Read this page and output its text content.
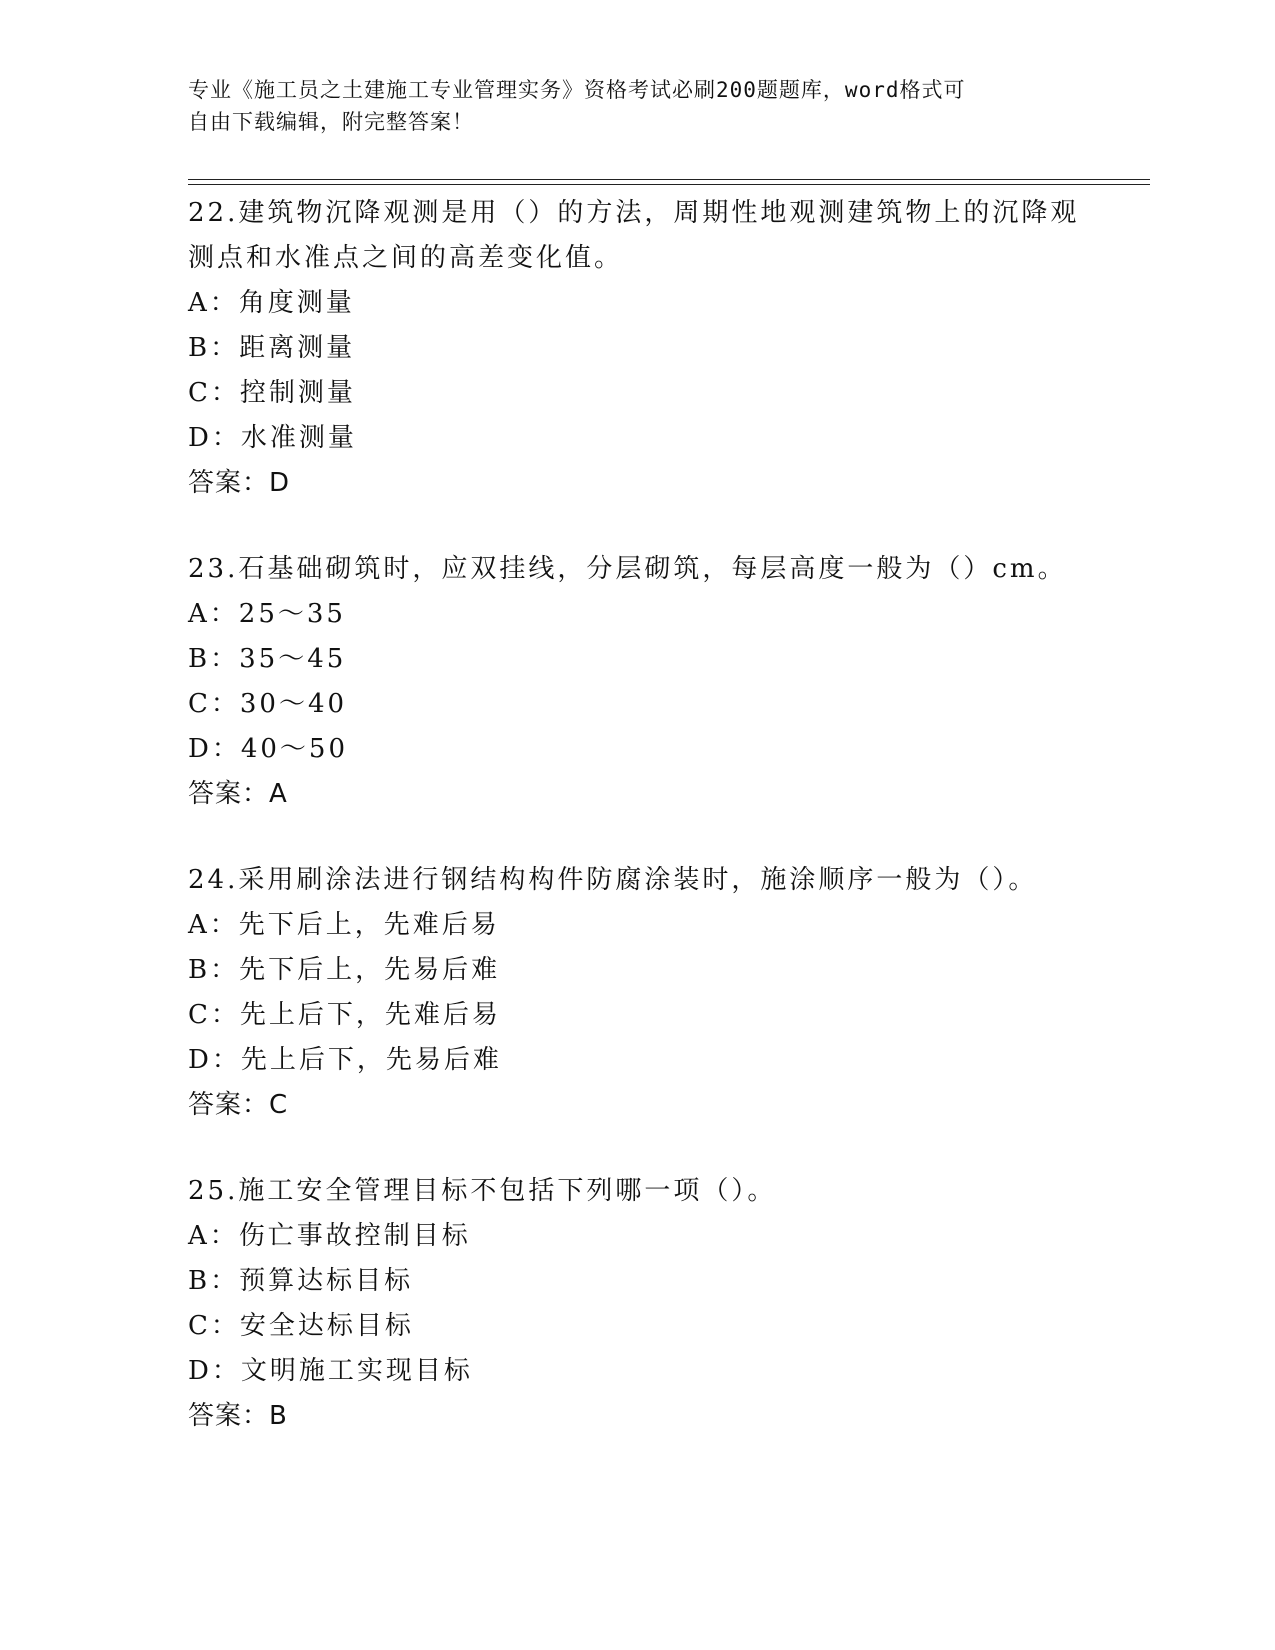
专业《施工员之土建施工专业管理实务》资格考试必刷200题题库，word格式可
自由下载编辑，附完整答案！
22.建筑物沉降观测是用（）的方法，周期性地观测建筑物上的沉降观测点和水准点之间的高差变化值。
A：角度测量
B：距离测量
C：控制测量
D：水准测量
答案：D
23.石基础砌筑时，应双挂线，分层砌筑，每层高度一般为（）cm。
A：25～35
B：35～45
C：30～40
D：40～50
答案：A
24.采用刷涂法进行钢结构构件防腐涂装时，施涂顺序一般为（）。
A：先下后上，先难后易
B：先下后上，先易后难
C：先上后下，先难后易
D：先上后下，先易后难
答案：C
25.施工安全管理目标不包括下列哪一项（）。
A：伤亡事故控制目标
B：预算达标目标
C：安全达标目标
D：文明施工实现目标
答案：B
